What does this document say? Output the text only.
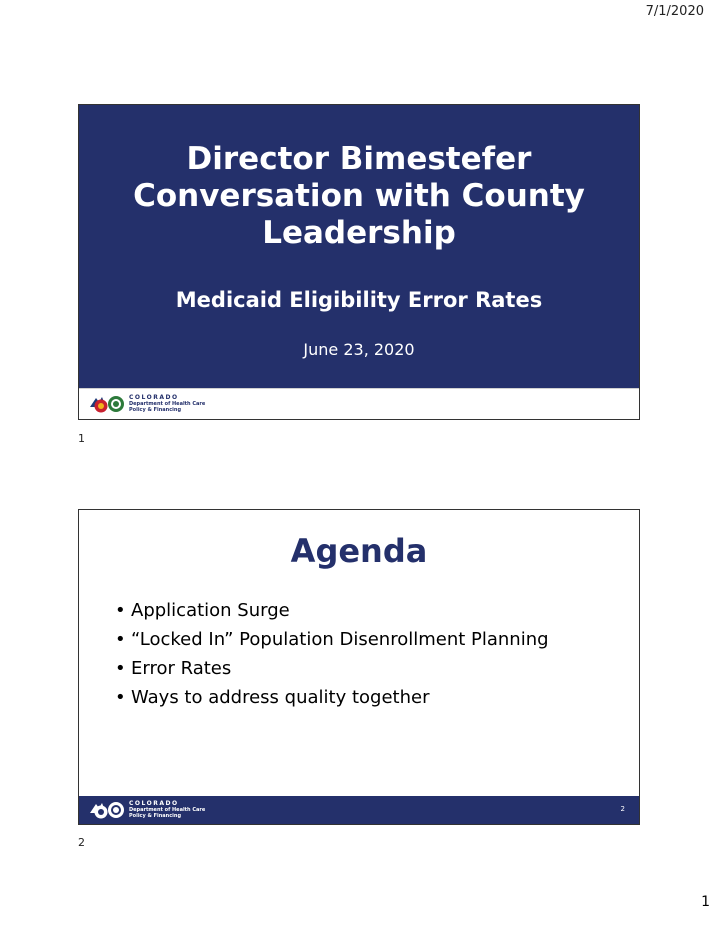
7/1/2020
Director Bimestefer Conversation with County Leadership
Medicaid Eligibility Error Rates
June 23, 2020
COLORADO
Department of Health Care
Policy & Financing
1
Agenda
• Application Surge
• “Locked In” Population Disenrollment Planning
• Error Rates
• Ways to address quality together
COLORADO
Department of Health Care
Policy & Financing
2
2
1
